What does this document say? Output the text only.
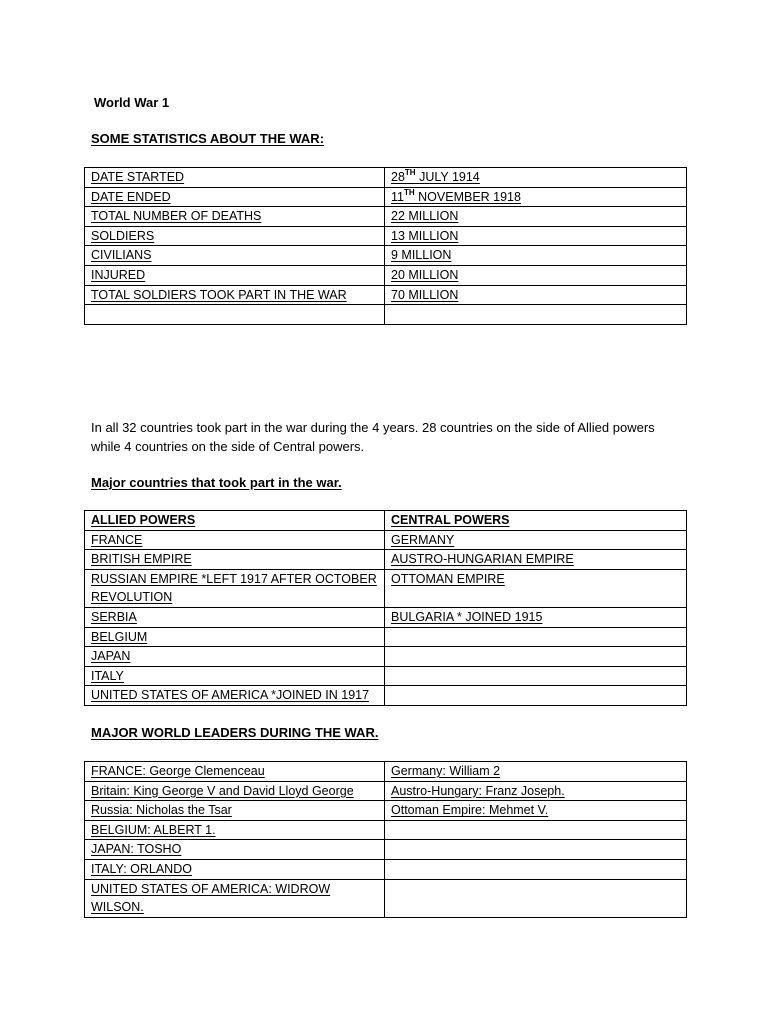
World War 1
SOME STATISTICS ABOUT THE WAR:
DATE STARTED	28TH JULY 1914
DATE ENDED	11TH NOVEMBER 1918
TOTAL NUMBER OF DEATHS	22 MILLION
SOLDIERS	13 MILLION
CIVILIANS	9 MILLION
INJURED	20 MILLION
TOTAL SOLDIERS TOOK PART IN THE WAR	70 MILLION

In all 32 countries took part in the war during the 4 years. 28 countries on the side of Allied powers while 4 countries on the side of Central powers.
Major countries that took part in the war.
ALLIED POWERS	CENTRAL POWERS
FRANCE	GERMANY
BRITISH EMPIRE	AUSTRO-HUNGARIAN EMPIRE
RUSSIAN EMPIRE *LEFT 1917 AFTER OCTOBER REVOLUTION	OTTOMAN EMPIRE
SERBIA	BULGARIA * JOINED 1915
BELGIUM	
JAPAN	
ITALY	
UNITED STATES OF AMERICA *JOINED IN 1917	
MAJOR WORLD LEADERS DURING THE WAR.
FRANCE: George Clemenceau	Germany: William 2
Britain: King George V and David Lloyd George	Austro-Hungary: Franz Joseph.
Russia: Nicholas the Tsar	Ottoman Empire: Mehmet V.
BELGIUM: ALBERT 1.	
JAPAN: TOSHO	
ITALY: ORLANDO	
UNITED STATES OF AMERICA: WIDROW WILSON.	
